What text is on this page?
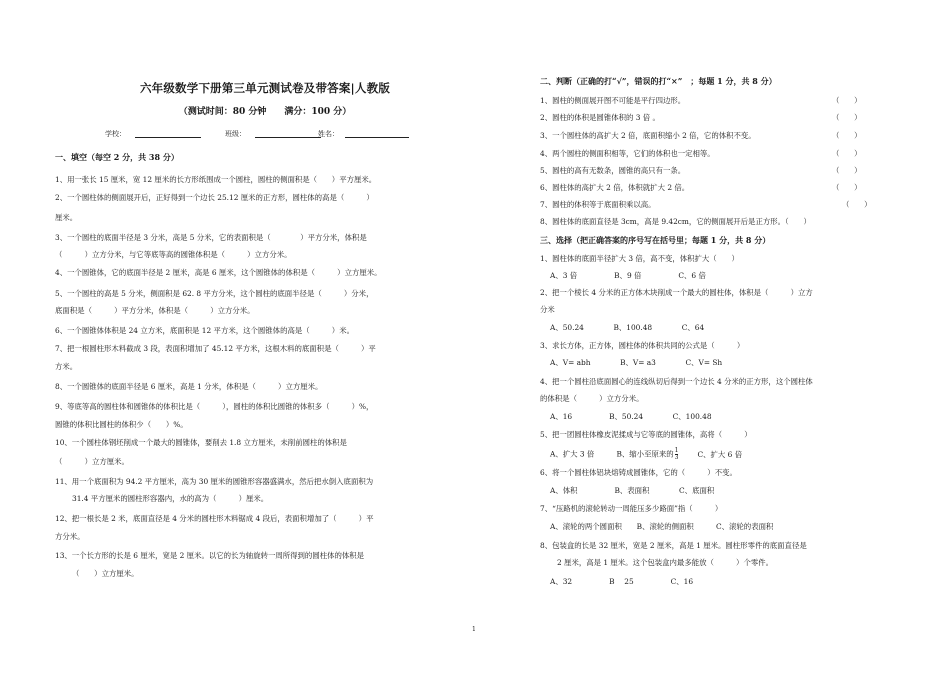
六年级数学下册第三单元测试卷及带答案|人教版
（测试时间：80 分钟　　满分：100 分）
学校：	班级：	姓名：
一、填空（每空 2 分，共 38 分）
1、用一张长 15 厘米，宽 12 厘米的长方形纸围成一个圆柱，圆柱的侧面积是（　　）平方厘米。
2、一个圆柱体的侧面展开后，正好得到一个边长 25.12 厘米的正方形，圆柱体的高是（　　　）
厘米。
3、一个圆柱的底面半径是 3 分米，高是 5 分米，它的表面积是（　　　　）平方分米，体积是
（　　　）立方分米，与它等底等高的圆锥体积是（　　　）立方分米。
4、一个圆锥体，它的底面半径是 2 厘米，高是 6 厘米，这个圆锥体的体积是（　　　）立方厘米。
5、一个圆柱的高是 5 分米，侧面积是 62. 8 平方分米，这个圆柱的底面半径是（　　　）分米，
底面积是（　　　）平方分米，体积是（　　　）立方分米。
6、一个圆锥体体积是 24 立方米，底面积是 12 平方米，这个圆锥体的高是（　　　）米。
7、把一根圆柱形木料截成 3 段，表面积增加了 45.12 平方米，这根木料的底面积是（　　　）平
方米。
8、一个圆锥体的底面半径是 6 厘米，高是 1 分米，体积是（　　　）立方厘米。
9、等底等高的圆柱体和圆锥体的体积比是（　　　），圆柱的体积比圆锥的体积多（　　　）%，
圆锥的体积比圆柱的体积少（　　）%。
10、一个圆柱体钢坯削成一个最大的圆锥体，要削去 1.8 立方厘米，未削前圆柱的体积是
（　　　）立方厘米。
11、用一个底面积为 94.2 平方厘米，高为 30 厘米的圆锥形容器盛满水，然后把水倒入底面积为
31.4 平方厘米的圆柱形容器内，水的高为（　　　）厘米。
12、把一根长是 2 米，底面直径是 4 分米的圆柱形木料锯成 4 段后，表面积增加了（　　　）平
方分米。
13、一个长方形的长是 6 厘米，宽是 2 厘米。以它的长为轴旋转一周所得到的圆柱体的体积是
（　　）立方厘米。
二、判断（正确的打“√”，错误的打“×”　；每题 1 分，共 8 分）
1、圆柱的侧面展开图不可能是平行四边形。	（　　）
2、圆柱的体积是圆锥体积的 3 倍 。	（　　）
3、一个圆柱体的高扩大 2 倍，底面积缩小 2 倍，它的体积不变。	（　　）
4、两个圆柱的侧面积相等，它们的体积也一定相等。	（　　）
5、圆柱的高有无数条，圆锥的高只有一条。	（　　）
6、圆柱体的高扩大 2 倍，体积就扩大 2 倍。	（　　）
7、圆柱的体积等于底面积乘以高。	（　　）
8、圆柱体的底面直径是 3cm，高是 9.42cm，它的侧面展开后是正方形。（　　）
三、选择（把正确答案的序号写在括号里；每题 1 分，共 8 分）
1、圆柱体的底面半径扩大 3 倍，高不变，体积扩大（　　）
A、3 倍　　　　　B、9 倍　　　　　C、6 倍
2、把一个棱长 4 分米的正方体木块削成一个最大的圆柱体，体积是（　　　）立方
分米
A、50.24　　　　B、100.48　　　　C、64
3、求长方体，正方体，圆柱体的体积共同的公式是（　　　）
A、V= abh　　　　B、V= a3　　　　C、V= Sh
4、把一个圆柱沿底面圆心的连线纵切后得到一个边长 4 分米的正方形，这个圆柱体
的体积是（　　　）立方分米。
A、16　　　　　B、50.24　　　　C、100.48
5、把一团圆柱体橡皮泥揉成与它等底的圆锥体，高将（　　　）
A、扩大 3 倍　　　B、缩小至原来的 $\frac{1}{3}$	C、扩大 6 倍
6、将一个圆柱体铝块熔铸成圆锥体，它的（　　　）不变。
A、体积　　　　　B、表面积　　　　C、底面积
7、“压路机的滚轮转动一周能压多少路面”指（　　　）
A、滚轮的两个圆面积　　B、滚轮的侧面积　　　C、滚轮的表面积
8、包装盒的长是 32 厘米，宽是 2 厘米，高是 1 厘米。圆柱形零件的底面直径是
2 厘米，高是 1 厘米。这个包装盒内最多能放（　　　）个零件。
A、32　　　　　B　 25　　　　　C、16
1
